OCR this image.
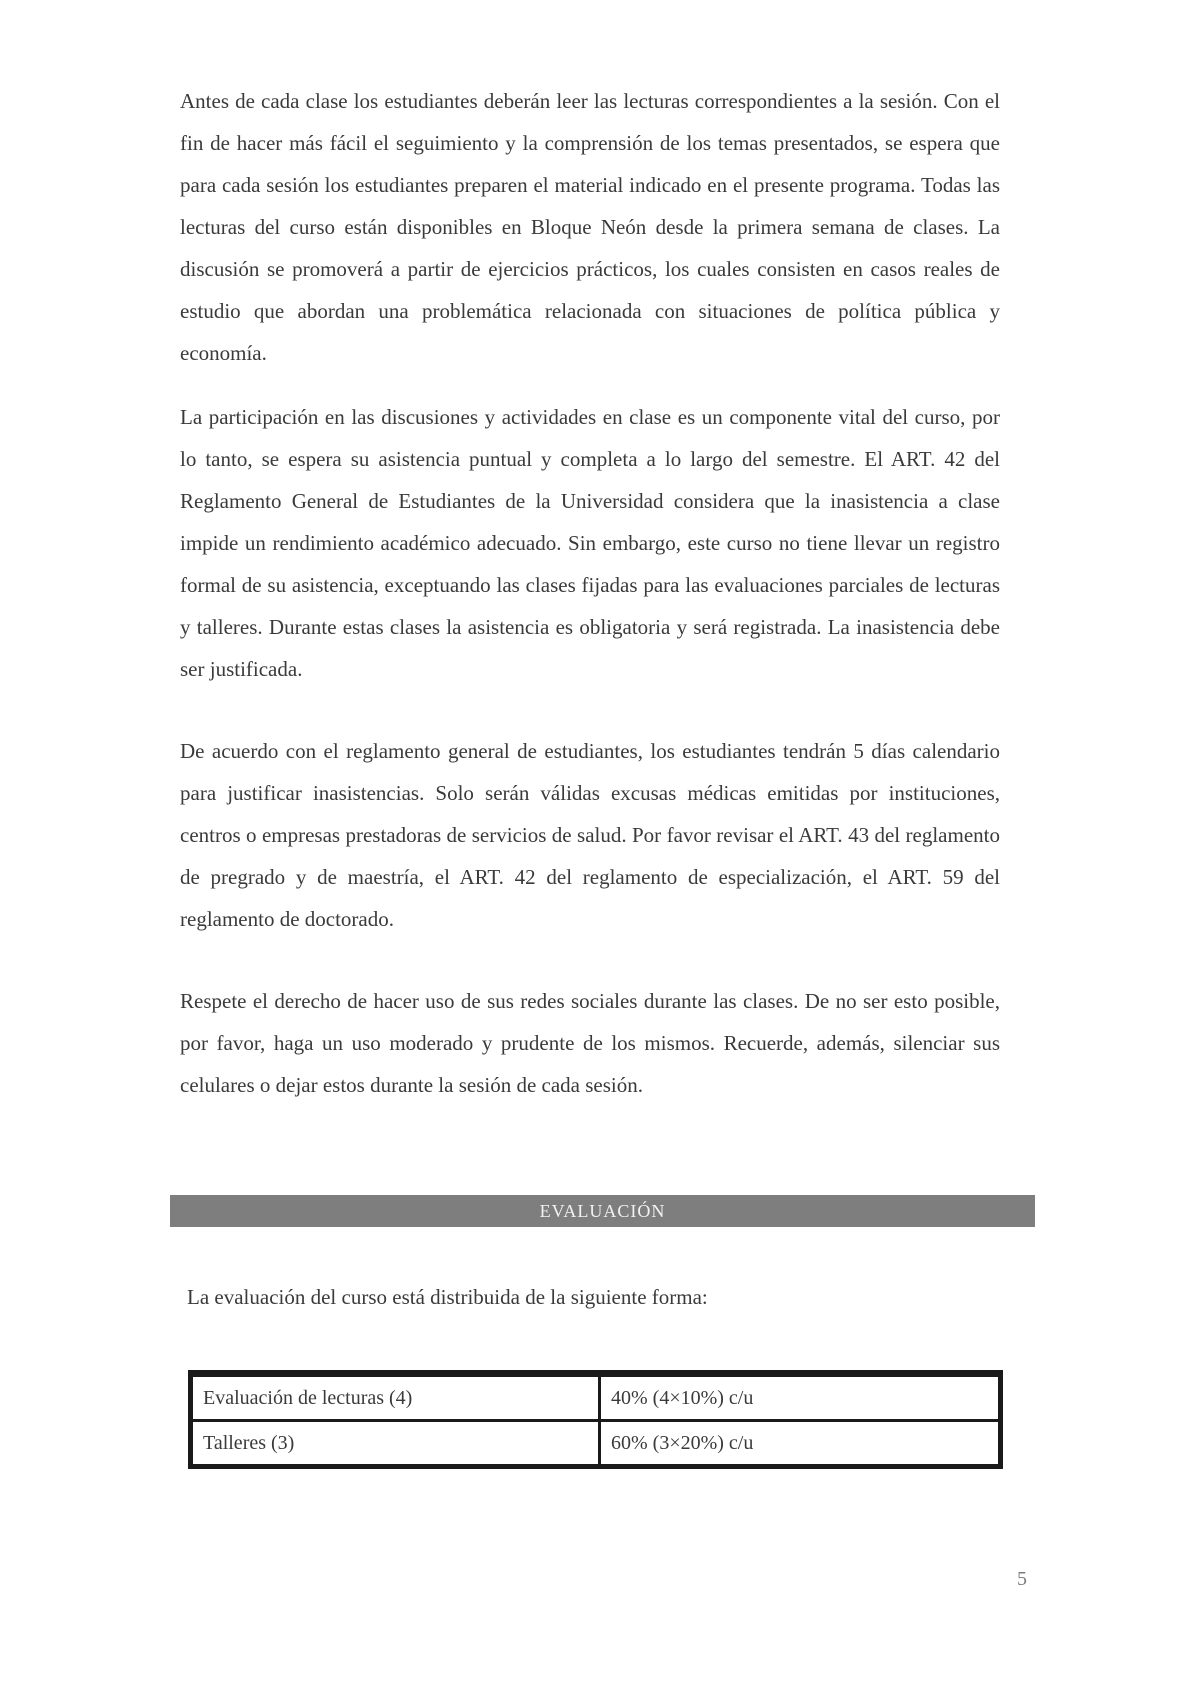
Antes de cada clase los estudiantes deberán leer las lecturas correspondientes a la sesión. Con el fin de hacer más fácil el seguimiento y la comprensión de los temas presentados, se espera que para cada sesión los estudiantes preparen el material indicado en el presente programa. Todas las lecturas del curso están disponibles en Bloque Neón desde la primera semana de clases. La discusión se promoverá a partir de ejercicios prácticos, los cuales consisten en casos reales de estudio que abordan una problemática relacionada con situaciones de política pública y economía.

La participación en las discusiones y actividades en clase es un componente vital del curso, por lo tanto, se espera su asistencia puntual y completa a lo largo del semestre. El ART. 42 del Reglamento General de Estudiantes de la Universidad considera que la inasistencia a clase impide un rendimiento académico adecuado. Sin embargo, este curso no tiene llevar un registro formal de su asistencia, exceptuando las clases fijadas para las evaluaciones parciales de lecturas y talleres. Durante estas clases la asistencia es obligatoria y será registrada. La inasistencia debe ser justificada.

De acuerdo con el reglamento general de estudiantes, los estudiantes tendrán 5 días calendario para justificar inasistencias. Solo serán válidas excusas médicas emitidas por instituciones, centros o empresas prestadoras de servicios de salud. Por favor revisar el ART. 43 del reglamento de pregrado y de maestría, el ART. 42 del reglamento de especialización, el ART. 59 del reglamento de doctorado.

Respete el derecho de hacer uso de sus redes sociales durante las clases. De no ser esto posible, por favor, haga un uso moderado y prudente de los mismos. Recuerde, además, silenciar sus celulares o dejar estos durante la sesión de cada sesión.

EVALUACIÓN
La evaluación del curso está distribuida de la siguiente forma:
Evaluación de lecturas (4)	40% (4×10%) c/u
Talleres (3)	60% (3×20%) c/u
5
